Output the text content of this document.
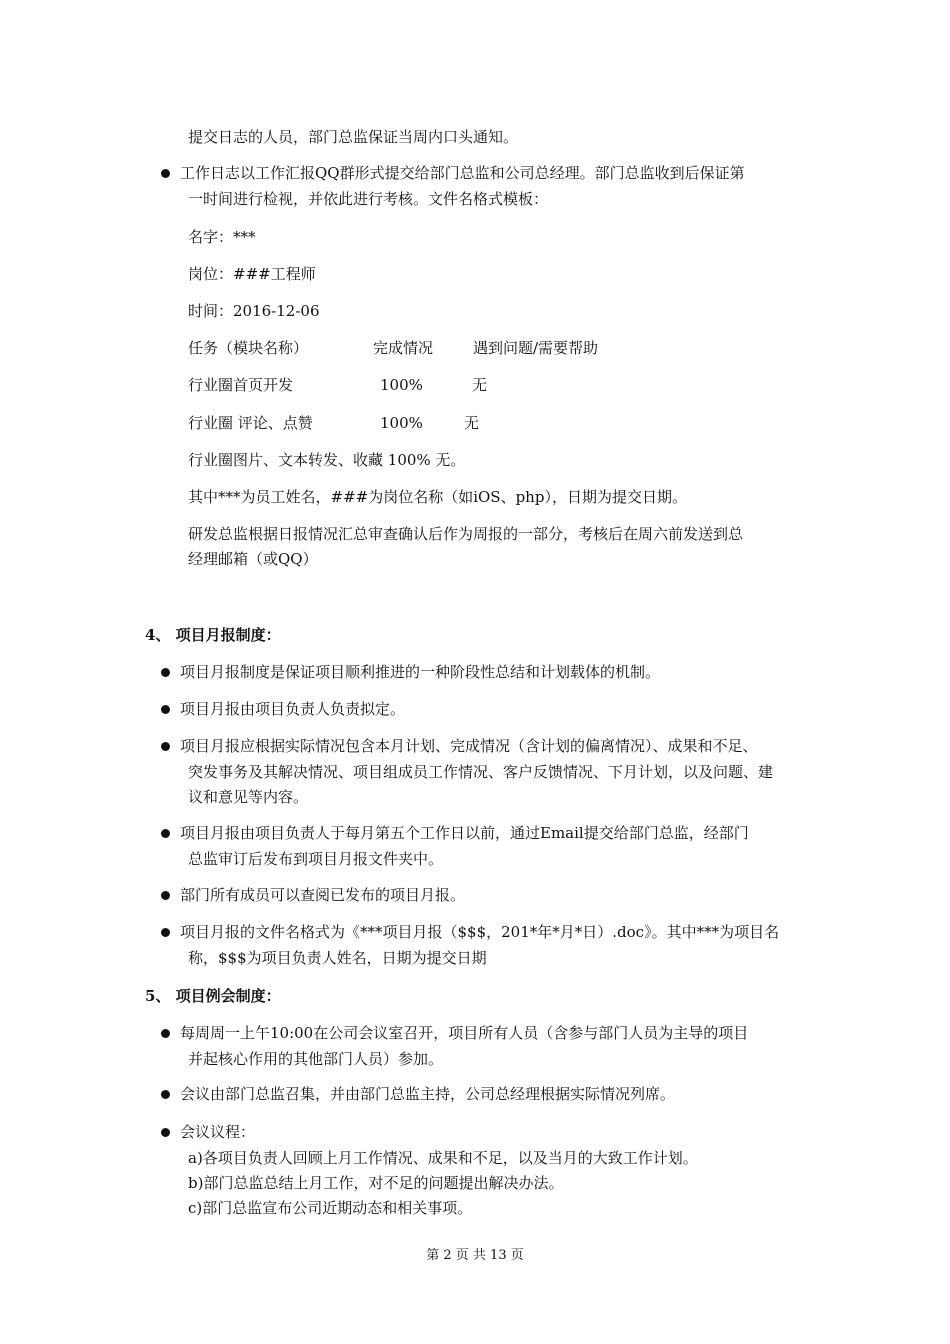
提交日志的人员，部门总监保证当周内口头通知。
工作日志以工作汇报QQ群形式提交给部门总监和公司总经理。部门总监收到后保证第
一时间进行检视，并依此进行考核。文件名格式模板：
名字：***
岗位：###工程师
时间：2016-12-06
任务（模块名称）	完成情况	遇到问题/需要帮助
行业圈首页开发	100%	无
行业圈 评论、点赞	100%	无
行业圈图片、文本转发、收藏 100% 无。
其中***为员工姓名，###为岗位名称（如iOS、php），日期为提交日期。
研发总监根据日报情况汇总审查确认后作为周报的一部分，考核后在周六前发送到总
经理邮箱（或QQ）
4、 项目月报制度：
项目月报制度是保证项目顺利推进的一种阶段性总结和计划载体的机制。
项目月报由项目负责人负责拟定。
项目月报应根据实际情况包含本月计划、完成情况（含计划的偏离情况）、成果和不足、
突发事务及其解决情况、项目组成员工作情况、客户反馈情况、下月计划，以及问题、建
议和意见等内容。
项目月报由项目负责人于每月第五个工作日以前，通过Email提交给部门总监，经部门
总监审订后发布到项目月报文件夹中。
部门所有成员可以查阅已发布的项目月报。
项目月报的文件名格式为《***项目月报（$$$，201*年*月*日）.doc》。其中***为项目名
称，$$$为项目负责人姓名，日期为提交日期
5、 项目例会制度：
每周周一上午10:00在公司会议室召开，项目所有人员（含参与部门人员为主导的项目
并起核心作用的其他部门人员）参加。
会议由部门总监召集，并由部门总监主持，公司总经理根据实际情况列席。
会议议程：
a)各项目负责人回顾上月工作情况、成果和不足，以及当月的大致工作计划。
b)部门总监总结上月工作，对不足的问题提出解决办法。
c)部门总监宣布公司近期动态和相关事项。
第 2 页 共 13 页
